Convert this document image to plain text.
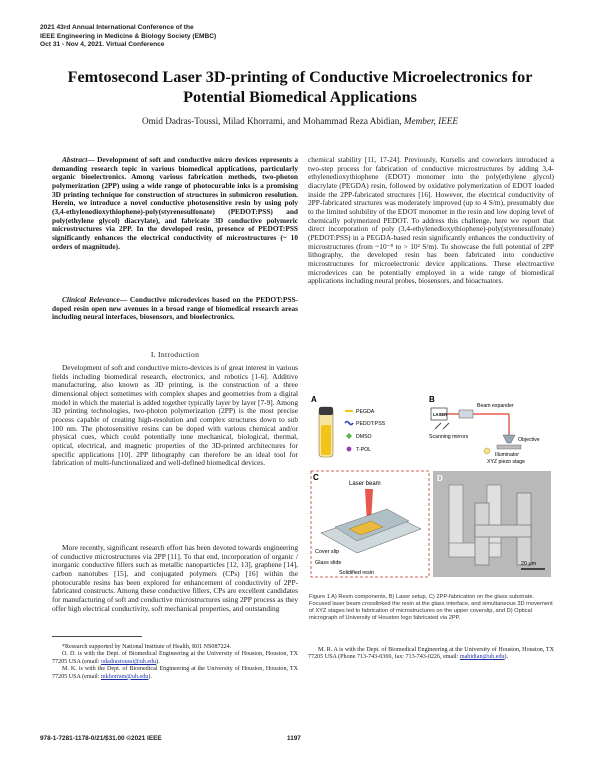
2021 43rd Annual International Conference of the
IEEE Engineering in Medicine & Biology Society (EMBC)
Oct 31 - Nov 4, 2021. Virtual Conference
Femtosecond Laser 3D-printing of Conductive Microelectronics for
Potential Biomedical Applications
Omid Dadras-Toussi, Milad Khorrami, and Mohammad Reza Abidian, Member, IEEE
Abstract— Development of soft and conductive micro devices represents a demanding research topic in various biomedical applications, particularly organic bioelectronics. Among various fabrication methods, two-photon polymerization (2PP) using a wide range of photocurable inks is a promising 3D printing technique for construction of structures in submicron resolution. Herein, we introduce a novel conductive photosensitive resin by using poly (3,4-ethylenedioxythiophene)-poly(styrenesulfonate) (PEDOT:PSS) and poly(ethylene glycol) diacrylate), and fabricate 3D conductive polymeric microstructures via 2PP. In the developed resin, presence of PEDOT:PSS significantly enhances the electrical conductivity of microstructures (~ 10 orders of magnitude).
Clinical Relevance— Conductive microdevices based on the PEDOT:PSS-doped resin open new avenues in a broad range of biomedical research areas including neural interfaces, biosensors, and bioelectronics.
I. Introduction
Development of soft and conductive micro-devices is of great interest in various fields including biomedical research, electronics, and robotics [1-6]. Additive manufacturing, also known as 3D printing, is the construction of a three dimensional object sometimes with complex shapes and geometries from a digital model in which the material is added together typically layer by layer [7-9]. Among 3D printing technologies, two-photon polymerization (2PP) is the most precise process capable of creating high-resolution and complex structures down to sub 100 nm. The photosensitive resins can be doped with various chemical and/or physical cues, which could potentially tune mechanical, biological, thermal, optical, electrical, and magnetic properties of the 3D-printed architectures for specific applications [10]. 2PP lithography can therefore be an ideal tool for fabrication of multi-functionalized and well-defined biomedical devices.
More recently, significant research effort has been devoted towards engineering of conductive microstructures via 2PP [11]. To that end, incorporation of organic / inorganic conductive fillers such as metallic nanoparticles [12, 13], graphene [14], carbon nanotubes [15], and conjugated polymers (CPs) [16] within the photocurable resins has been explored for enhancement of conductivity of 2PP-fabricated constructs. Among these conductive fillers, CPs are excellent candidates for manufacturing of soft and conductive microstructures using 2PP process as they offer high electrical conductivity, soft mechanical properties, and outstanding
chemical stability [11, 17-24]. Previously, Kurselis and coworkers introduced a two-step process for fabrication of conductive microstructures by adding 3,4-ethylenedioxythiophene (EDOT) monomer into the poly(ethylene glycol) diacrylate (PEGDA) resin, followed by oxidative polymerization of EDOT loaded inside the 2PP-fabricated structures [16]. However, the electrical conductivity of 2PP-fabricated structures was moderately improved (up to 4 S/m), presumably due to the limited solubility of the EDOT monomer in the resin and low doping level of chemically polymerized PEDOT. To address this challenge, here we report that direct incorporation of poly (3,4-ethylenedioxythiophene)-poly(styrenesulfonate) (PEDOT:PSS) in a PEGDA-based resin significantly enhances the conductivity of microstructures (from ~10⁻⁸ to > 10² S/m). To showcase the full potential of 2PP lithography, the developed resin has been fabricated into conductive microstructures for microelectronic device applications. These electroactive microdevices can be potentially employed in a wide range of biomedical applications including neural probes, biosensors, and bioactuators.
A
PEGDA
PEDOT:PSS
DMSO
T-POL
B
LASER
Beam expander
Scanning mirrors	Objective
Illuminator
XYZ piezo stage
C
Laser beam
Cover slip
Glass slide
Solidified resin
D
20 μm
Figure 1 A) Resin components, B) Laser setup, C) 2PP-fabrication on the glass substrate. Focused laser beam crosslinked the resin at the glass interface, and simultaneous 3D movement of XYZ stages led to fabrication of microstructures on the upper coverslip, and D) Optical micrograph of University of Houston logo fabricated via 2PP.
*Research supported by National Institute of Health, R01 NS087224.
O. D. is with the Dept. of Biomedical Engineering at the University of Houston, Houston, TX 77205 USA (email: odadrastoussi@uh.edu).
M. K. is with the Dept. of Biomedical Engineering at the University of Houston, Houston, TX 77205 USA (email: mkhorram@uh.edu).
M. R. A is with the Dept. of Biomedical Engineering at the University of Houston, Houston, TX 77205 USA (Phone 713-743-0369, fax: 713-743-0226, email: mabidian@uh.edu).
978-1-7281-1178-0/21/$31.00 ©2021 IEEE	1197
